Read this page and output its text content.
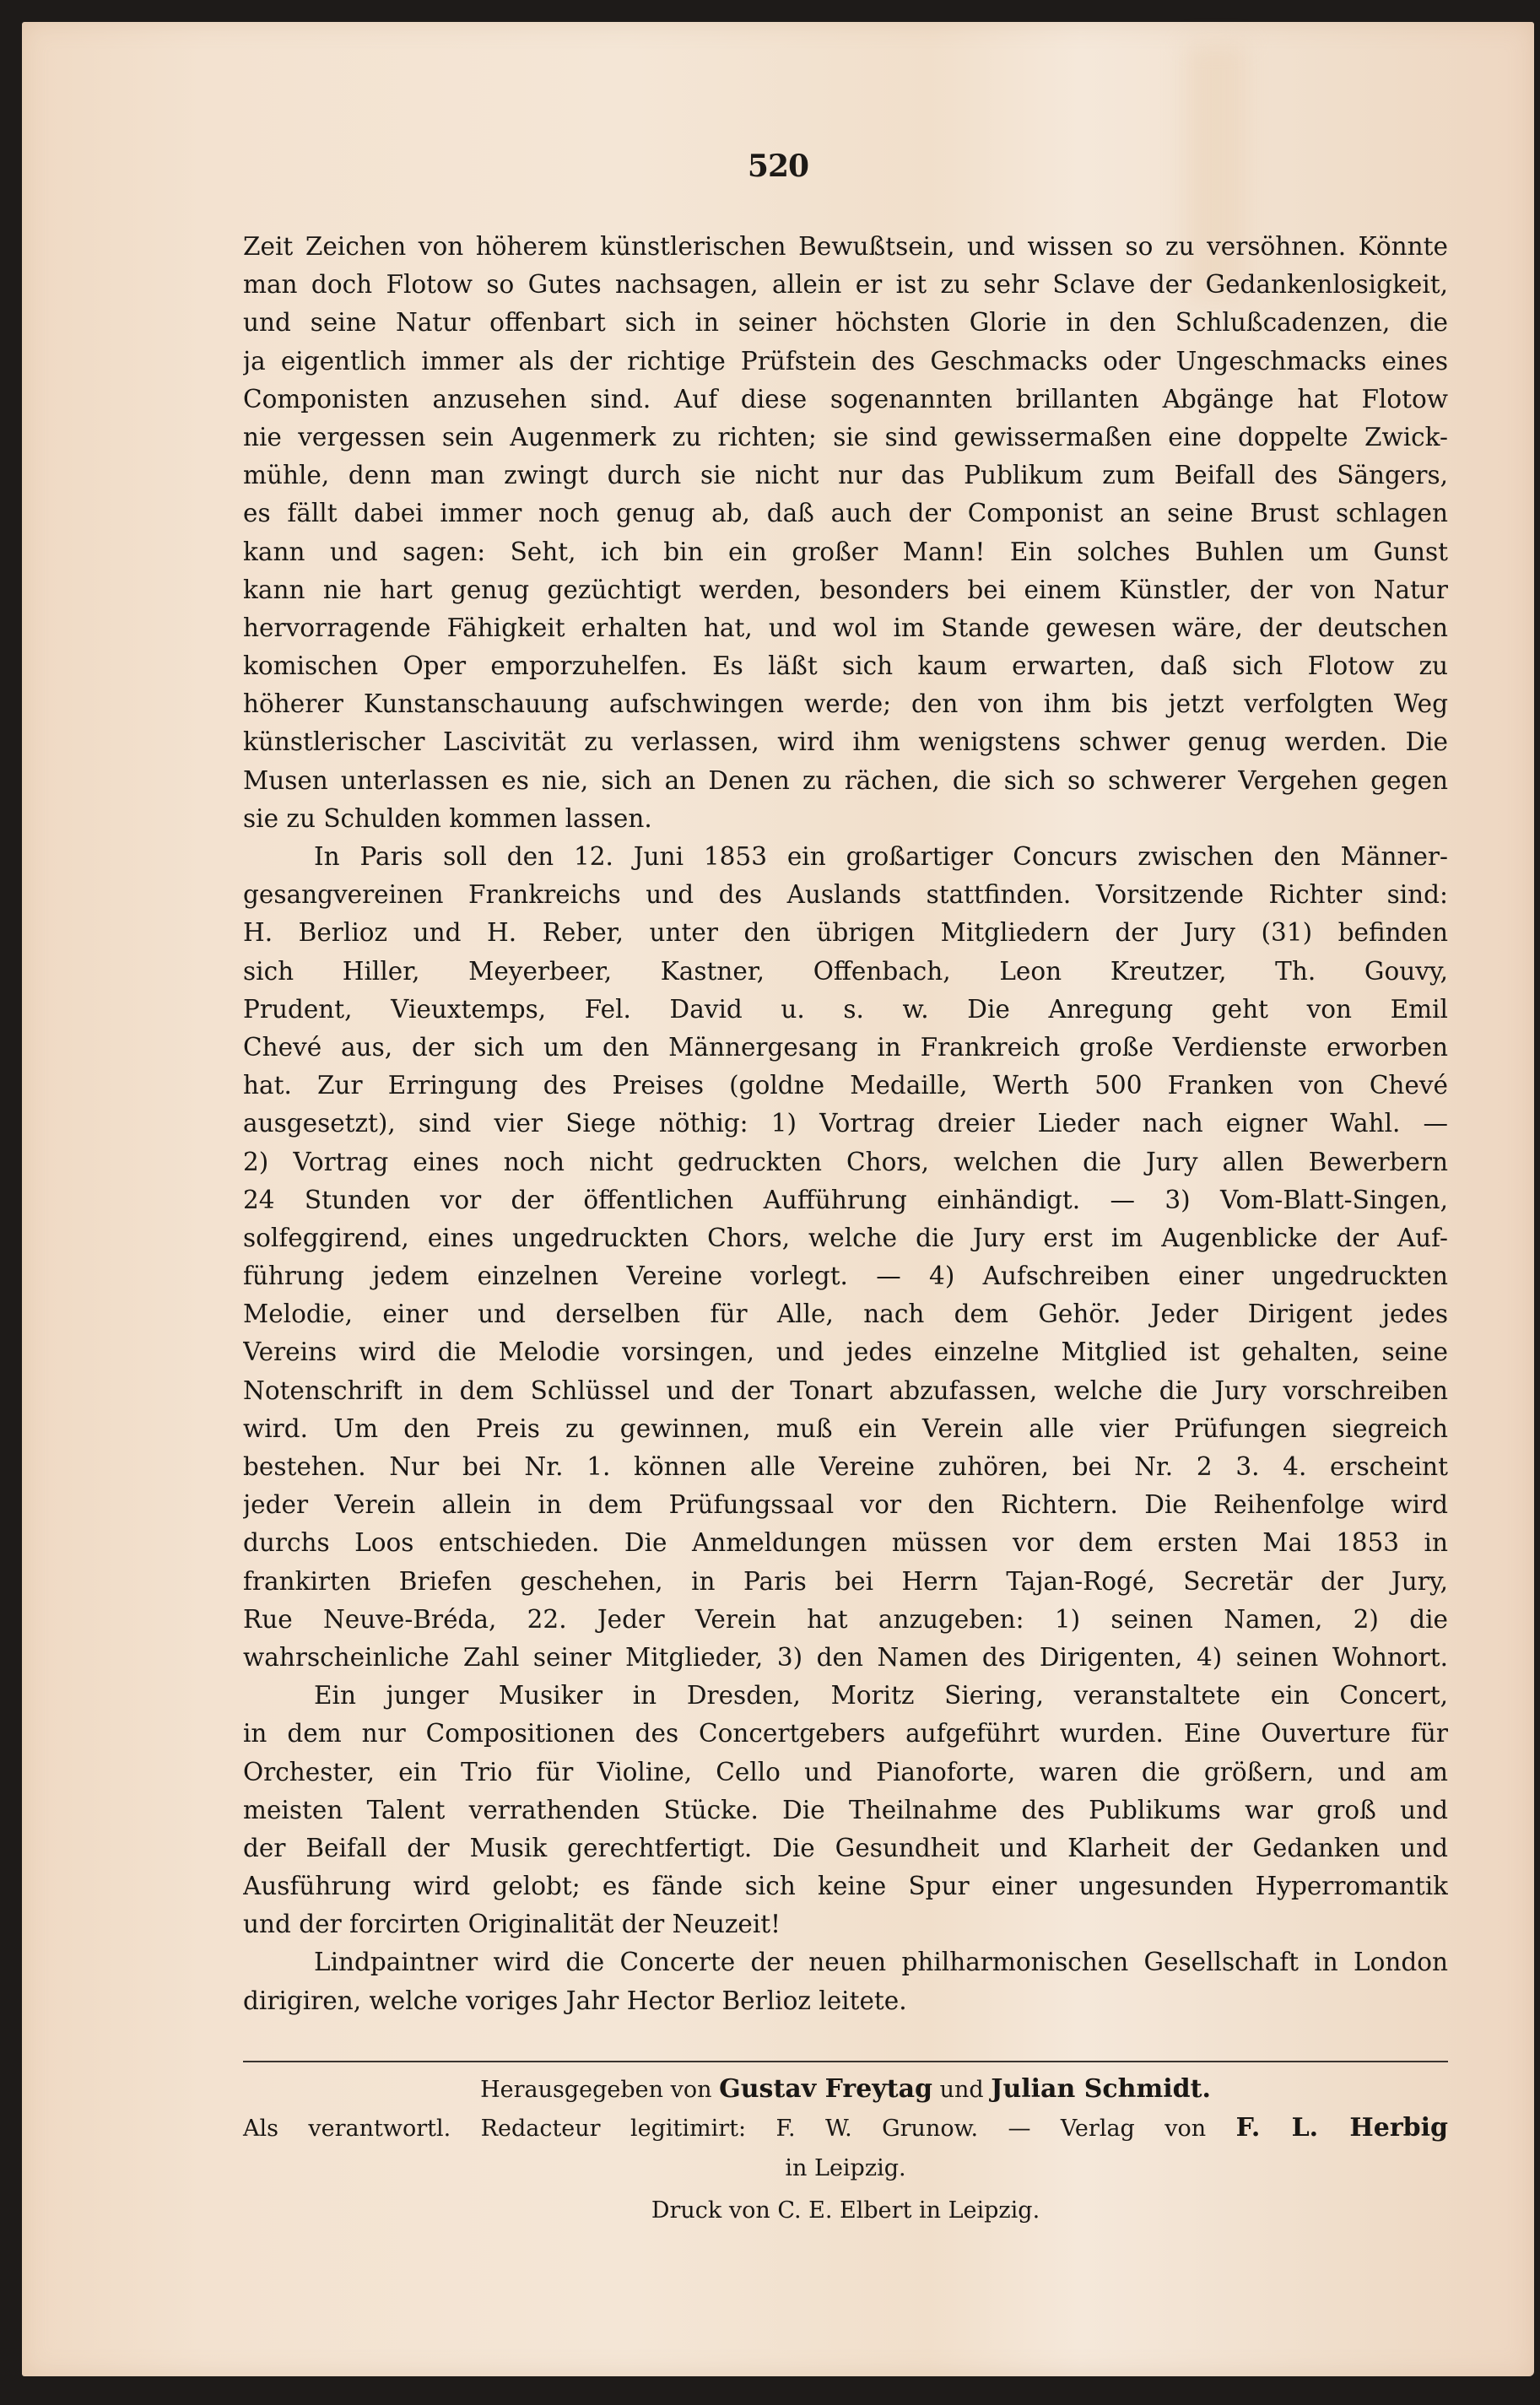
520
Zeit Zeichen von höherem künstlerischen Bewußtsein, und wissen so zu versöhnen. Könnte
man doch Flotow so Gutes nachsagen, allein er ist zu sehr Sclave der Gedankenlosigkeit,
und seine Natur offenbart sich in seiner höchsten Glorie in den Schlußcadenzen, die
ja eigentlich immer als der richtige Prüfstein des Geschmacks oder Ungeschmacks eines
Componisten anzusehen sind. Auf diese sogenannten brillanten Abgänge hat Flotow
nie vergessen sein Augenmerk zu richten; sie sind gewissermaßen eine doppelte Zwick-
mühle, denn man zwingt durch sie nicht nur das Publikum zum Beifall des Sängers,
es fällt dabei immer noch genug ab, daß auch der Componist an seine Brust schlagen
kann und sagen: Seht, ich bin ein großer Mann! Ein solches Buhlen um Gunst
kann nie hart genug gezüchtigt werden, besonders bei einem Künstler, der von Natur
hervorragende Fähigkeit erhalten hat, und wol im Stande gewesen wäre, der deutschen
komischen Oper emporzuhelfen. Es läßt sich kaum erwarten, daß sich Flotow zu
höherer Kunstanschauung aufschwingen werde; den von ihm bis jetzt verfolgten Weg
künstlerischer Lascivität zu verlassen, wird ihm wenigstens schwer genug werden. Die
Musen unterlassen es nie, sich an Denen zu rächen, die sich so schwerer Vergehen gegen
sie zu Schulden kommen lassen.
In Paris soll den 12. Juni 1853 ein großartiger Concurs zwischen den Männer-
gesangvereinen Frankreichs und des Auslands stattfinden. Vorsitzende Richter sind:
H. Berlioz und H. Reber, unter den übrigen Mitgliedern der Jury (31) befinden
sich Hiller, Meyerbeer, Kastner, Offenbach, Leon Kreutzer, Th. Gouvy,
Prudent, Vieuxtemps, Fel. David u. s. w. Die Anregung geht von Emil
Chevé aus, der sich um den Männergesang in Frankreich große Verdienste erworben
hat. Zur Erringung des Preises (goldne Medaille, Werth 500 Franken von Chevé
ausgesetzt), sind vier Siege nöthig: 1) Vortrag dreier Lieder nach eigner Wahl. —
2) Vortrag eines noch nicht gedruckten Chors, welchen die Jury allen Bewerbern
24 Stunden vor der öffentlichen Aufführung einhändigt. — 3) Vom-Blatt-Singen,
solfeggirend, eines ungedruckten Chors, welche die Jury erst im Augenblicke der Auf-
führung jedem einzelnen Vereine vorlegt. — 4) Aufschreiben einer ungedruckten
Melodie, einer und derselben für Alle, nach dem Gehör. Jeder Dirigent jedes
Vereins wird die Melodie vorsingen, und jedes einzelne Mitglied ist gehalten, seine
Notenschrift in dem Schlüssel und der Tonart abzufassen, welche die Jury vorschreiben
wird. Um den Preis zu gewinnen, muß ein Verein alle vier Prüfungen siegreich
bestehen. Nur bei Nr. 1. können alle Vereine zuhören, bei Nr. 2 3. 4. erscheint
jeder Verein allein in dem Prüfungssaal vor den Richtern. Die Reihenfolge wird
durchs Loos entschieden. Die Anmeldungen müssen vor dem ersten Mai 1853 in
frankirten Briefen geschehen, in Paris bei Herrn Tajan-Rogé, Secretär der Jury,
Rue Neuve-Bréda, 22. Jeder Verein hat anzugeben: 1) seinen Namen, 2) die
wahrscheinliche Zahl seiner Mitglieder, 3) den Namen des Dirigenten, 4) seinen Wohnort.
Ein junger Musiker in Dresden, Moritz Siering, veranstaltete ein Concert,
in dem nur Compositionen des Concertgebers aufgeführt wurden. Eine Ouverture für
Orchester, ein Trio für Violine, Cello und Pianoforte, waren die größern, und am
meisten Talent verrathenden Stücke. Die Theilnahme des Publikums war groß und
der Beifall der Musik gerechtfertigt. Die Gesundheit und Klarheit der Gedanken und
Ausführung wird gelobt; es fände sich keine Spur einer ungesunden Hyperromantik
und der forcirten Originalität der Neuzeit!
Lindpaintner wird die Concerte der neuen philharmonischen Gesellschaft in London
dirigiren, welche voriges Jahr Hector Berlioz leitete.
Herausgegeben von Gustav Freytag und Julian Schmidt.
Als verantwortl. Redacteur legitimirt: F. W. Grunow. — Verlag von F. L. Herbig
in Leipzig.
Druck von C. E. Elbert in Leipzig.
